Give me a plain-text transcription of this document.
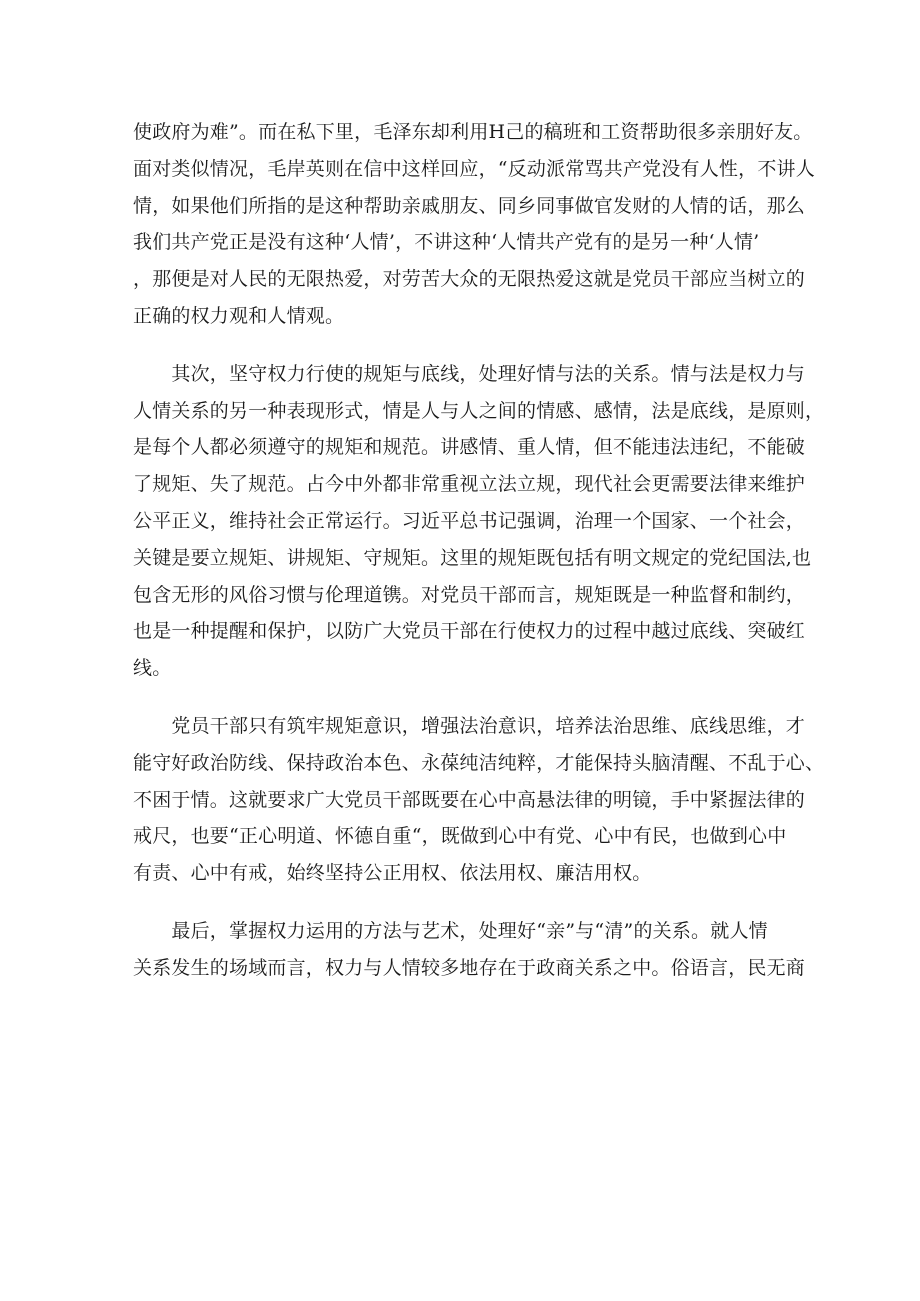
使政府为难”。而在私下里，毛泽东却利用H己的稿班和工资帮助很多亲朋好友。
面对类似情况，毛岸英则在信中这样回应，“反动派常骂共产党没有人性，不讲人
情，如果他们所指的是这种帮助亲戚朋友、同乡同事做官发财的人情的话，那么
我们共产党正是没有这种‘人情’，不讲这种‘人情共产党有的是另一种‘人情’
，那便是对人民的无限热爱，对劳苦大众的无限热爱这就是党员干部应当树立的
正确的权力观和人情观。
　　其次，坚守权力行使的规矩与底线，处理好情与法的关系。情与法是权力与
人情关系的另一种表现形式，情是人与人之间的情感、感情，法是底线，是原则，
是每个人都必须遵守的规矩和规范。讲感情、重人情，但不能违法违纪，不能破
了规矩、失了规范。占今中外都非常重视立法立规，现代社会更需要法律来维护
公平正义，维持社会正常运行。习近平总书记强调，治理一个国家、一个社会，
关键是要立规矩、讲规矩、守规矩。这里的规矩既包括有明文规定的党纪国法,也
包含无形的风俗习惯与伦理道镌。对党员干部而言，规矩既是一种监督和制约，
也是一种提醒和保护，以防广大党员干部在行使权力的过程中越过底线、突破红
线。
　　党员干部只有筑牢规矩意识，增强法治意识，培养法治思维、底线思维，才
能守好政治防线、保持政治本色、永葆纯洁纯粹，才能保持头脑清醒、不乱于心、
不困于情。这就要求广大党员干部既要在心中高悬法律的明镜，手中紧握法律的
戒尺，也要“正心明道、怀德自重“，既做到心中有党、心中有民，也做到心中
有责、心中有戒，始终坚持公正用权、依法用权、廉洁用权。
　　最后，掌握权力运用的方法与艺术，处理好“亲”与“清”的关系。就人情
关系发生的场域而言，权力与人情较多地存在于政商关系之中。俗语言，民无商
